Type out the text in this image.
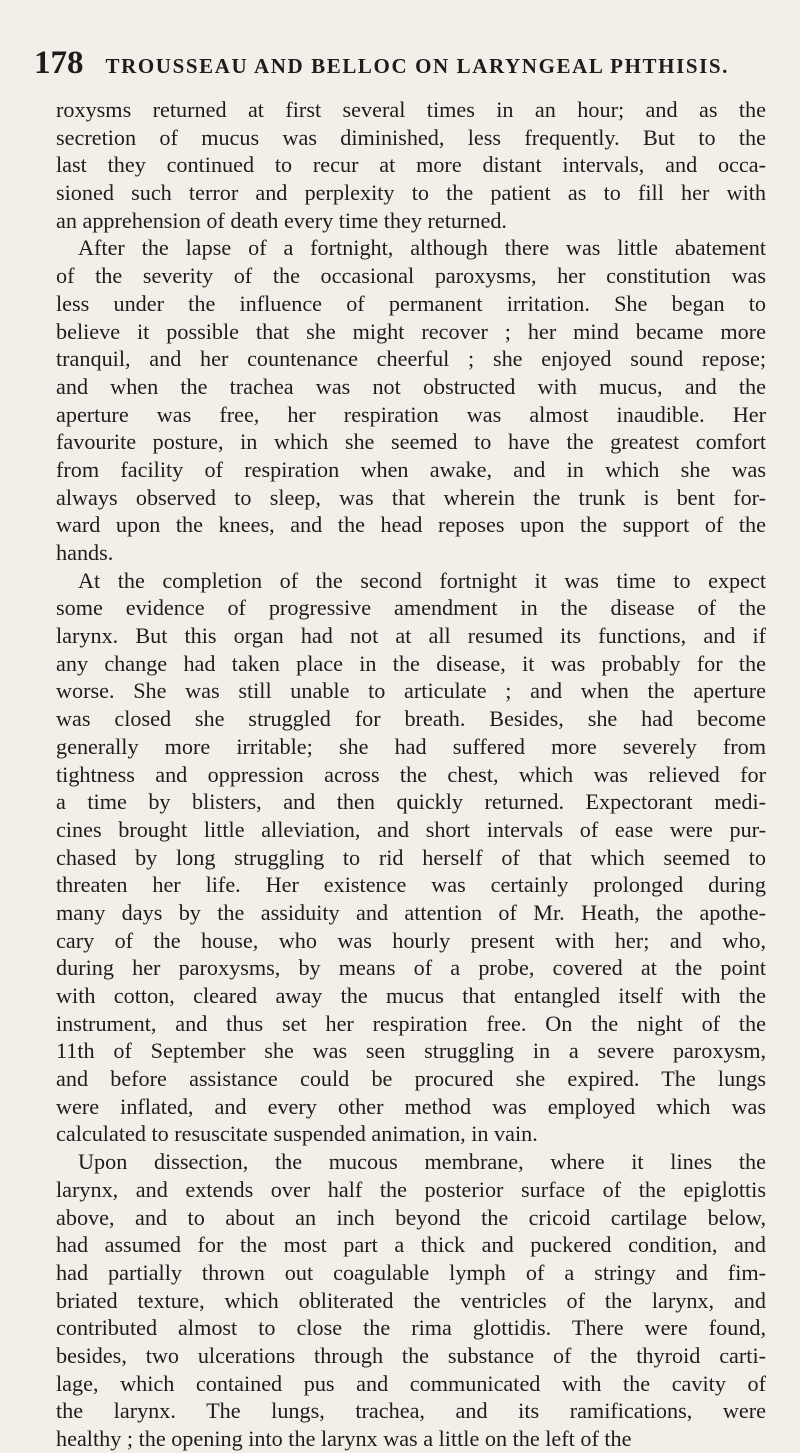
178 TROUSSEAU AND BELLOC ON LARYNGEAL PHTHISIS.
roxysms returned at first several times in an hour; and as the
secretion of mucus was diminished, less frequently. But to the
last they continued to recur at more distant intervals, and occa-
sioned such terror and perplexity to the patient as to fill her with
an apprehension of death every time they returned.
After the lapse of a fortnight, although there was little abatement
of the severity of the occasional paroxysms, her constitution was
less under the influence of permanent irritation. She began to
believe it possible that she might recover ; her mind became more
tranquil, and her countenance cheerful ; she enjoyed sound repose;
and when the trachea was not obstructed with mucus, and the
aperture was free, her respiration was almost inaudible. Her
favourite posture, in which she seemed to have the greatest comfort
from facility of respiration when awake, and in which she was
always observed to sleep, was that wherein the trunk is bent for-
ward upon the knees, and the head reposes upon the support of the
hands.
At the completion of the second fortnight it was time to expect
some evidence of progressive amendment in the disease of the
larynx. But this organ had not at all resumed its functions, and if
any change had taken place in the disease, it was probably for the
worse. She was still unable to articulate ; and when the aperture
was closed she struggled for breath. Besides, she had become
generally more irritable; she had suffered more severely from
tightness and oppression across the chest, which was relieved for
a time by blisters, and then quickly returned. Expectorant medi-
cines brought little alleviation, and short intervals of ease were pur-
chased by long struggling to rid herself of that which seemed to
threaten her life. Her existence was certainly prolonged during
many days by the assiduity and attention of Mr. Heath, the apothe-
cary of the house, who was hourly present with her; and who,
during her paroxysms, by means of a probe, covered at the point
with cotton, cleared away the mucus that entangled itself with the
instrument, and thus set her respiration free. On the night of the
11th of September she was seen struggling in a severe paroxysm,
and before assistance could be procured she expired. The lungs
were inflated, and every other method was employed which was
calculated to resuscitate suspended animation, in vain.
Upon dissection, the mucous membrane, where it lines the
larynx, and extends over half the posterior surface of the epiglottis
above, and to about an inch beyond the cricoid cartilage below,
had assumed for the most part a thick and puckered condition, and
had partially thrown out coagulable lymph of a stringy and fim-
briated texture, which obliterated the ventricles of the larynx, and
contributed almost to close the rima glottidis. There were found,
besides, two ulcerations through the substance of the thyroid carti-
lage, which contained pus and communicated with the cavity of
the larynx. The lungs, trachea, and its ramifications, were
healthy ; the opening into the larynx was a little on the left of the
